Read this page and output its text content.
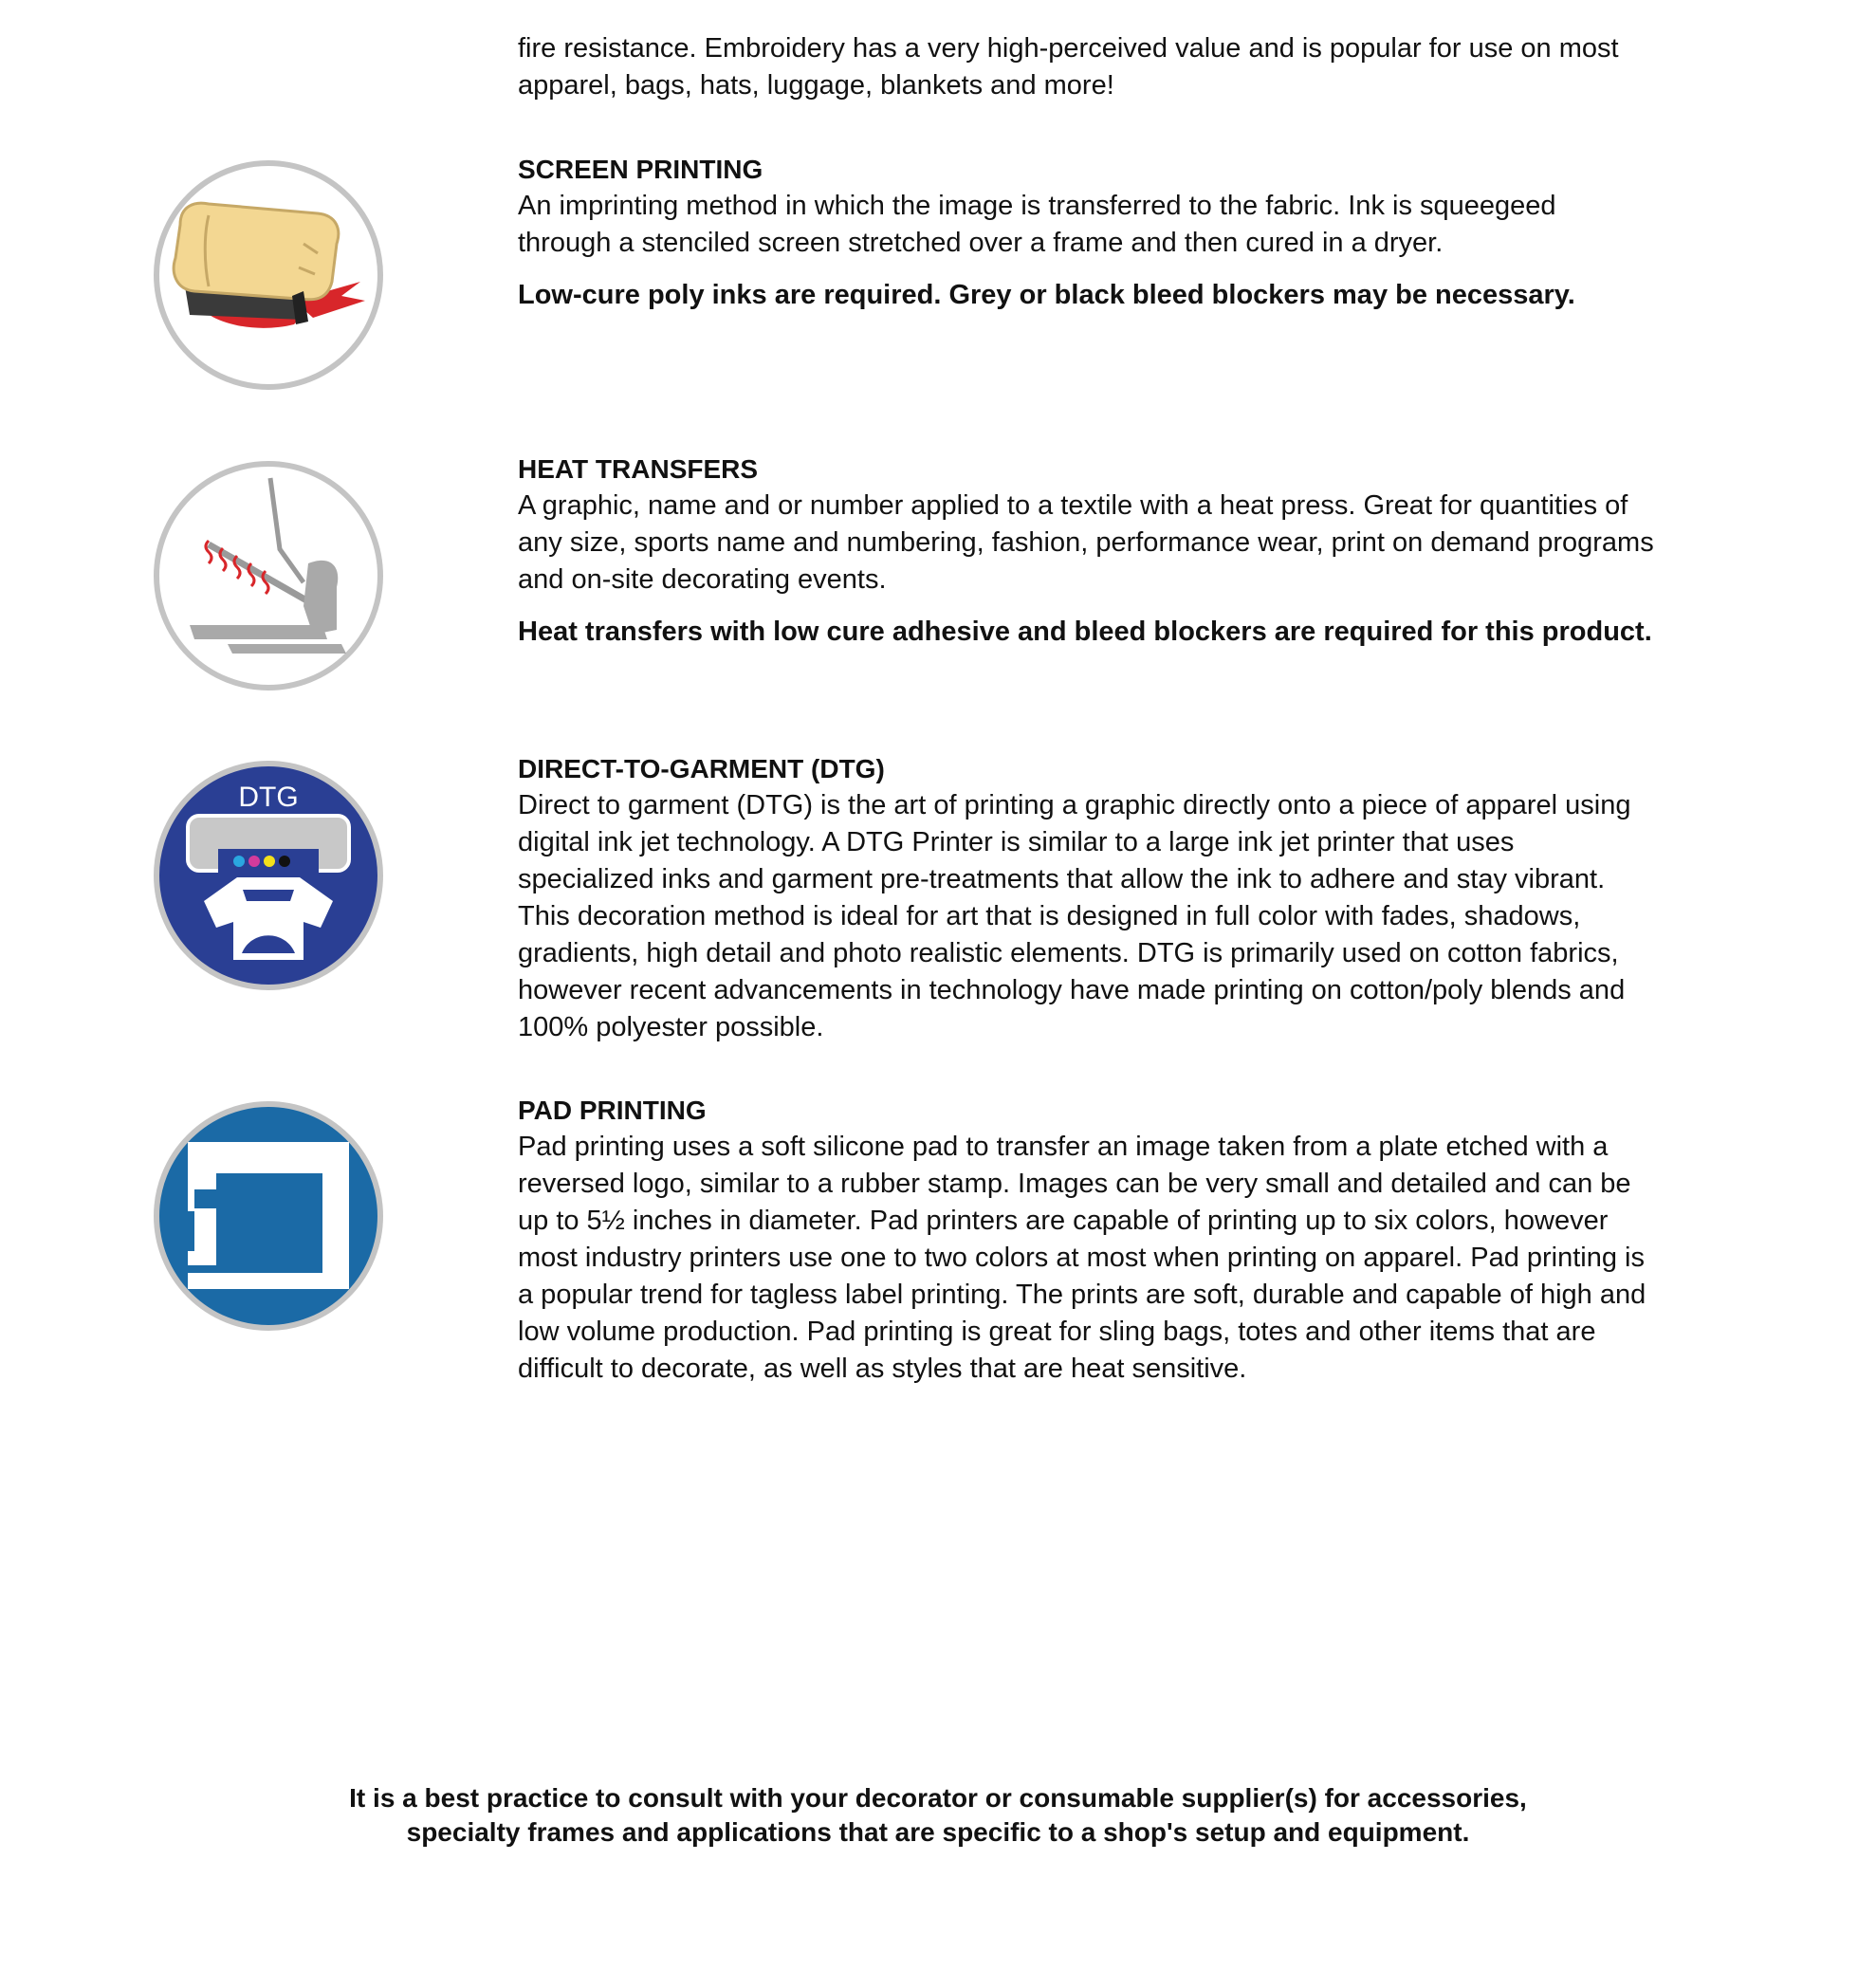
fire resistance. Embroidery has a very high-perceived value and is popular for use on most apparel, bags, hats, luggage, blankets and more!
SCREEN PRINTING

An imprinting method in which the image is transferred to the fabric. Ink is squeegeed through a stenciled screen stretched over a frame and then cured in a dryer.

Low-cure poly inks are required. Grey or black bleed blockers may be necessary.

HEAT TRANSFERS

A graphic, name and or number applied to a textile with a heat press. Great for quantities of any size, sports name and numbering, fashion, performance wear, print on demand programs and on-site decorating events.

Heat transfers with low cure adhesive and bleed blockers are required for this product.

DTG
DIRECT-TO-GARMENT (DTG)

Direct to garment (DTG) is the art of printing a graphic directly onto a piece of apparel using digital ink jet technology. A DTG Printer is similar to a large ink jet printer that uses specialized inks and garment pre-treatments that allow the ink to adhere and stay vibrant. This decoration method is ideal for art that is designed in full color with fades, shadows, gradients, high detail and photo realistic elements. DTG is primarily used on cotton fabrics, however recent advancements in technology have made printing on cotton/poly blends and 100% polyester possible.

PAD PRINTING

Pad printing uses a soft silicone pad to transfer an image taken from a plate etched with a reversed logo, similar to a rubber stamp. Images can be very small and detailed and can be up to 5½ inches in diameter. Pad printers are capable of printing up to six colors, however most industry printers use one to two colors at most when printing on apparel. Pad printing is a popular trend for tagless label printing. The prints are soft, durable and capable of high and low volume production. Pad printing is great for sling bags, totes and other items that are difficult to decorate, as well as styles that are heat sensitive.

It is a best practice to consult with your decorator or consumable supplier(s) for accessories,
specialty frames and applications that are specific to a shop's setup and equipment.
